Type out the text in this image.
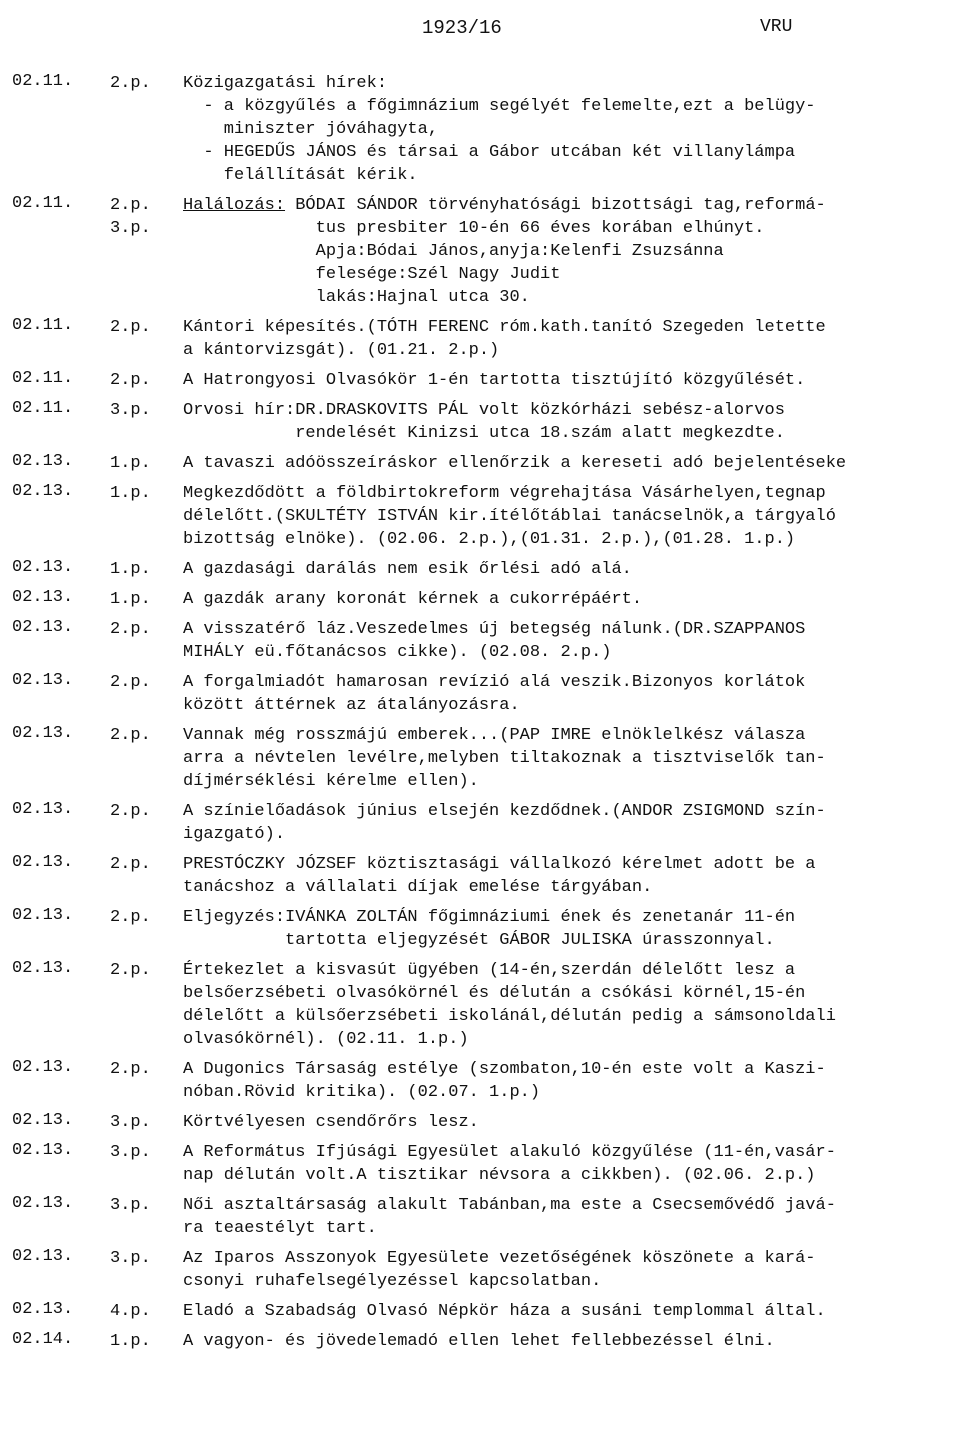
1923/16	VRU
02.11. 2.p. Közigazgatási hírek:
- a közgyűlés a főgimnázium segélyét felemelte,ezt a belügy-
miniszter jóváhagyta,
- HEGEDŰS JÁNOS és társai a Gábor utcában két villanylámpa
felállítását kérik.
02.11. 2.p.
3.p.
Halálozás: BÓDAI SÁNDOR törvényhatósági bizottsági tag,reformá-
tus presbiter 10-én 66 éves korában elhúnyt.
Apja:Bódai János,anyja:Kelenfi Zsuzsánna
felesége:Szél Nagy Judit
lakás:Hajnal utca 30.
02.11. 2.p. Kántori képesítés.(TÓTH FERENC róm.kath.tanító Szegeden letette
a kántorvizsgát). (01.21. 2.p.)
02.11. 2.p. A Hatrongyosi Olvasókör 1-én tartotta tisztújító közgyűlését.
02.11. 3.p. Orvosi hír:DR.DRASKOVITS PÁL volt közkórházi sebész-alorvos
rendelését Kinizsi utca 18.szám alatt megkezdte.
02.13. 1.p. A tavaszi adóösszeíráskor ellenőrzik a kereseti adó bejelentéseke
02.13. 1.p. Megkezdődött a földbirtokreform végrehajtása Vásárhelyen,tegnap
délelőtt.(SKULTÉTY ISTVÁN kir.ítélőtáblai tanácselnök,a tárgyaló
bizottság elnöke). (02.06. 2.p.),(01.31. 2.p.),(01.28. 1.p.)
02.13. 1.p. A gazdasági darálás nem esik őrlési adó alá.
02.13. 1.p. A gazdák arany koronát kérnek a cukorrépáért.
02.13. 2.p. A visszatérő láz.Veszedelmes új betegség nálunk.(DR.SZAPPANOS
MIHÁLY eü.főtanácsos cikke). (02.08. 2.p.)
02.13. 2.p. A forgalmiadót hamarosan revízió alá veszik.Bizonyos korlátok
között áttérnek az átalányozásra.
02.13. 2.p. Vannak még rosszmájú emberek...(PAP IMRE elnöklelkész válasza
arra a névtelen levélre,melyben tiltakoznak a tisztviselők tan-
díjmérséklési kérelme ellen).
02.13. 2.p. A színielőadások június elsején kezdődnek.(ANDOR ZSIGMOND szín-
igazgató).
02.13. 2.p. PRESTÓCZKY JÓZSEF köztisztasági vállalkozó kérelmet adott be a
tanácshoz a vállalati díjak emelése tárgyában.
02.13. 2.p. Eljegyzés:IVÁNKA ZOLTÁN főgimnáziumi ének és zenetanár 11-én
tartotta eljegyzését GÁBOR JULISKA úrasszonnyal.
02.13. 2.p. Értekezlet a kisvasút ügyében (14-én,szerdán délelőtt lesz a
belsőerzsébeti olvasókörnél és délután a csókási körnél,15-én
délelőtt a külsőerzsébeti iskolánál,délután pedig a sámsonoldali
olvasókörnél). (02.11. 1.p.)
02.13. 2.p. A Dugonics Társaság estélye (szombaton,10-én este volt a Kaszi-
nóban.Rövid kritika). (02.07. 1.p.)
02.13. 3.p. Körtvélyesen csendőrőrs lesz.
02.13. 3.p. A Református Ifjúsági Egyesület alakuló közgyűlése (11-én,vasár-
nap délután volt.A tisztikar névsora a cikkben). (02.06. 2.p.)
02.13. 3.p. Női asztaltársaság alakult Tabánban,ma este a Csecsemővédő javá-
ra teaestélyt tart.
02.13. 3.p. Az Iparos Asszonyok Egyesülete vezetőségének köszönete a kará-
csonyi ruhafelsegélyezéssel kapcsolatban.
02.13. 4.p. Eladó a Szabadság Olvasó Népkör háza a susáni templommal által.
02.14. 1.p. A vagyon- és jövedelemadó ellen lehet fellebbezéssel élni.
